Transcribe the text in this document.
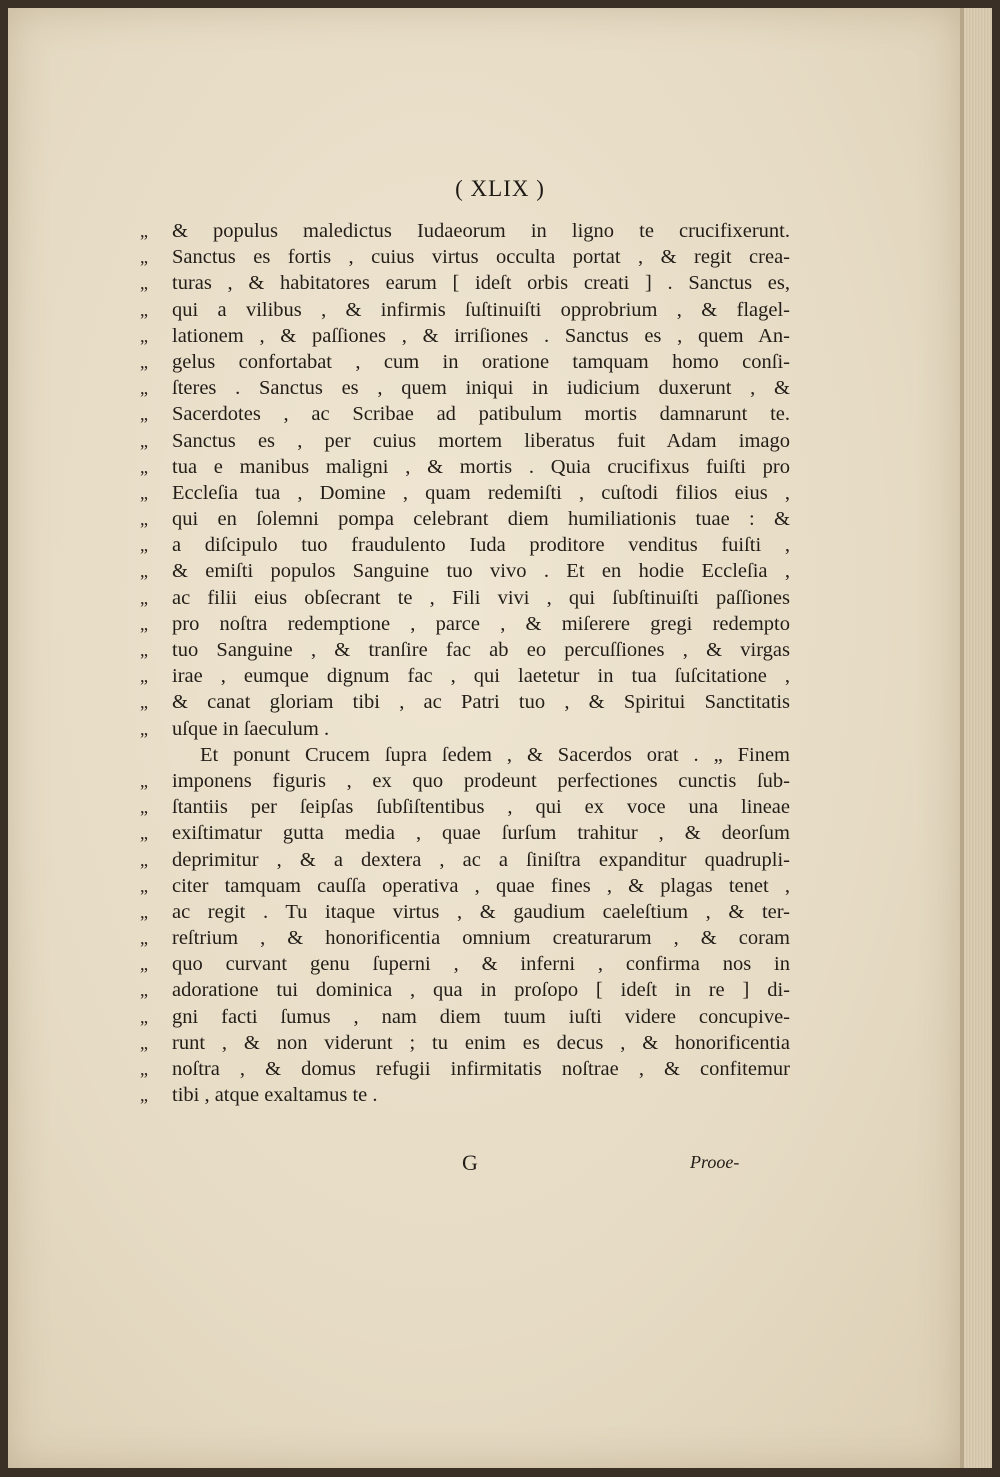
( XLIX )
„ & populus maledictus Iudaeorum in ligno te crucifixerunt.
„ Sanctus es fortis , cuius virtus occulta portat , & regit crea-
„ turas , & habitatores earum [ ideſt orbis creati ] . Sanctus es,
„ qui a vilibus , & infirmis ſuſtinuiſti opprobrium , & flagel-
„ lationem , & paſſiones , & irriſiones . Sanctus es , quem An-
„ gelus confortabat , cum in oratione tamquam homo conſi-
„ ſteres . Sanctus es , quem iniqui in iudicium duxerunt , &
„ Sacerdotes , ac Scribae ad patibulum mortis damnarunt te.
„ Sanctus es , per cuius mortem liberatus fuit Adam imago
„ tua e manibus maligni , & mortis . Quia crucifixus fuiſti pro
„ Eccleſia tua , Domine , quam redemiſti , cuſtodi filios eius ,
„ qui en ſolemni pompa celebrant diem humiliationis tuae : &
„ a diſcipulo tuo fraudulento Iuda proditore venditus fuiſti ,
„ & emiſti populos Sanguine tuo vivo . Et en hodie Eccleſia ,
„ ac filii eius obſecrant te , Fili vivi , qui ſubſtinuiſti paſſiones
„ pro noſtra redemptione , parce , & miſerere gregi redempto
„ tuo Sanguine , & tranſire fac ab eo percuſſiones , & virgas
„ irae , eumque dignum fac , qui laetetur in tua ſuſcitatione ,
„ & canat gloriam tibi , ac Patri tuo , & Spiritui Sanctitatis
„ uſque in ſaeculum .
Et ponunt Crucem ſupra ſedem , & Sacerdos orat . „ Finem
„ imponens figuris , ex quo prodeunt perfectiones cunctis ſub-
„ ſtantiis per ſeipſas ſubſiſtentibus , qui ex voce una lineae
„ exiſtimatur gutta media , quae ſurſum trahitur , & deorſum
„ deprimitur , & a dextera , ac a ſiniſtra expanditur quadrupli-
„ citer tamquam cauſſa operativa , quae fines , & plagas tenet ,
„ ac regit . Tu itaque virtus , & gaudium caeleſtium , & ter-
„ reſtrium , & honorificentia omnium creaturarum , & coram
„ quo curvant genu ſuperni , & inferni , confirma nos in
„ adoratione tui dominica , qua in proſopo [ ideſt in re ] di-
„ gni facti ſumus , nam diem tuum iuſti videre concupive-
„ runt , & non viderunt ; tu enim es decus , & honorificentia
„ noſtra , & domus refugii infirmitatis noſtrae , & confitemur
„ tibi , atque exaltamus te .
G	Prooe-
